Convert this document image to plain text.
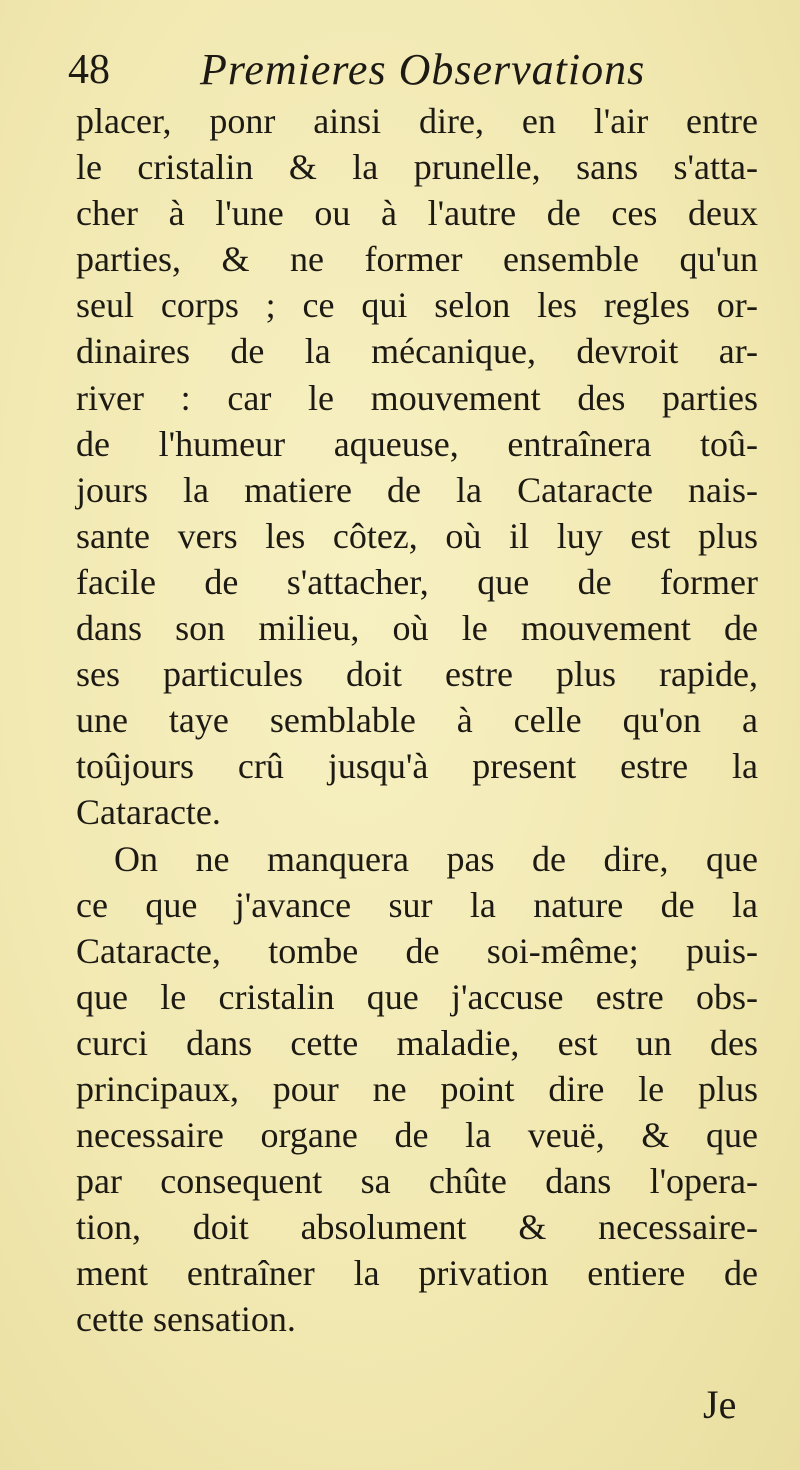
48 Premieres Observations
placer, ponr ainsi dire, en l'air entre
le cristalin & la prunelle, sans s'atta-
cher à l'une ou à l'autre de ces deux
parties, & ne former ensemble qu'un
seul corps ; ce qui selon les regles or-
dinaires de la mécanique, devroit ar-
river : car le mouvement des parties
de l'humeur aqueuse, entraînera toû-
jours la matiere de la Cataracte nais-
sante vers les côtez, où il luy est plus
facile de s'attacher, que de former
dans son milieu, où le mouvement de
ses particules doit estre plus rapide,
une taye semblable à celle qu'on a
toûjours crû jusqu'à present estre la
Cataracte.
On ne manquera pas de dire, que
ce que j'avance sur la nature de la
Cataracte, tombe de soi-même; puis-
que le cristalin que j'accuse estre obs-
curci dans cette maladie, est un des
principaux, pour ne point dire le plus
necessaire organe de la veuë, & que
par consequent sa chûte dans l'opera-
tion, doit absolument & necessaire-
ment entraîner la privation entiere de
cette sensation.
Je
